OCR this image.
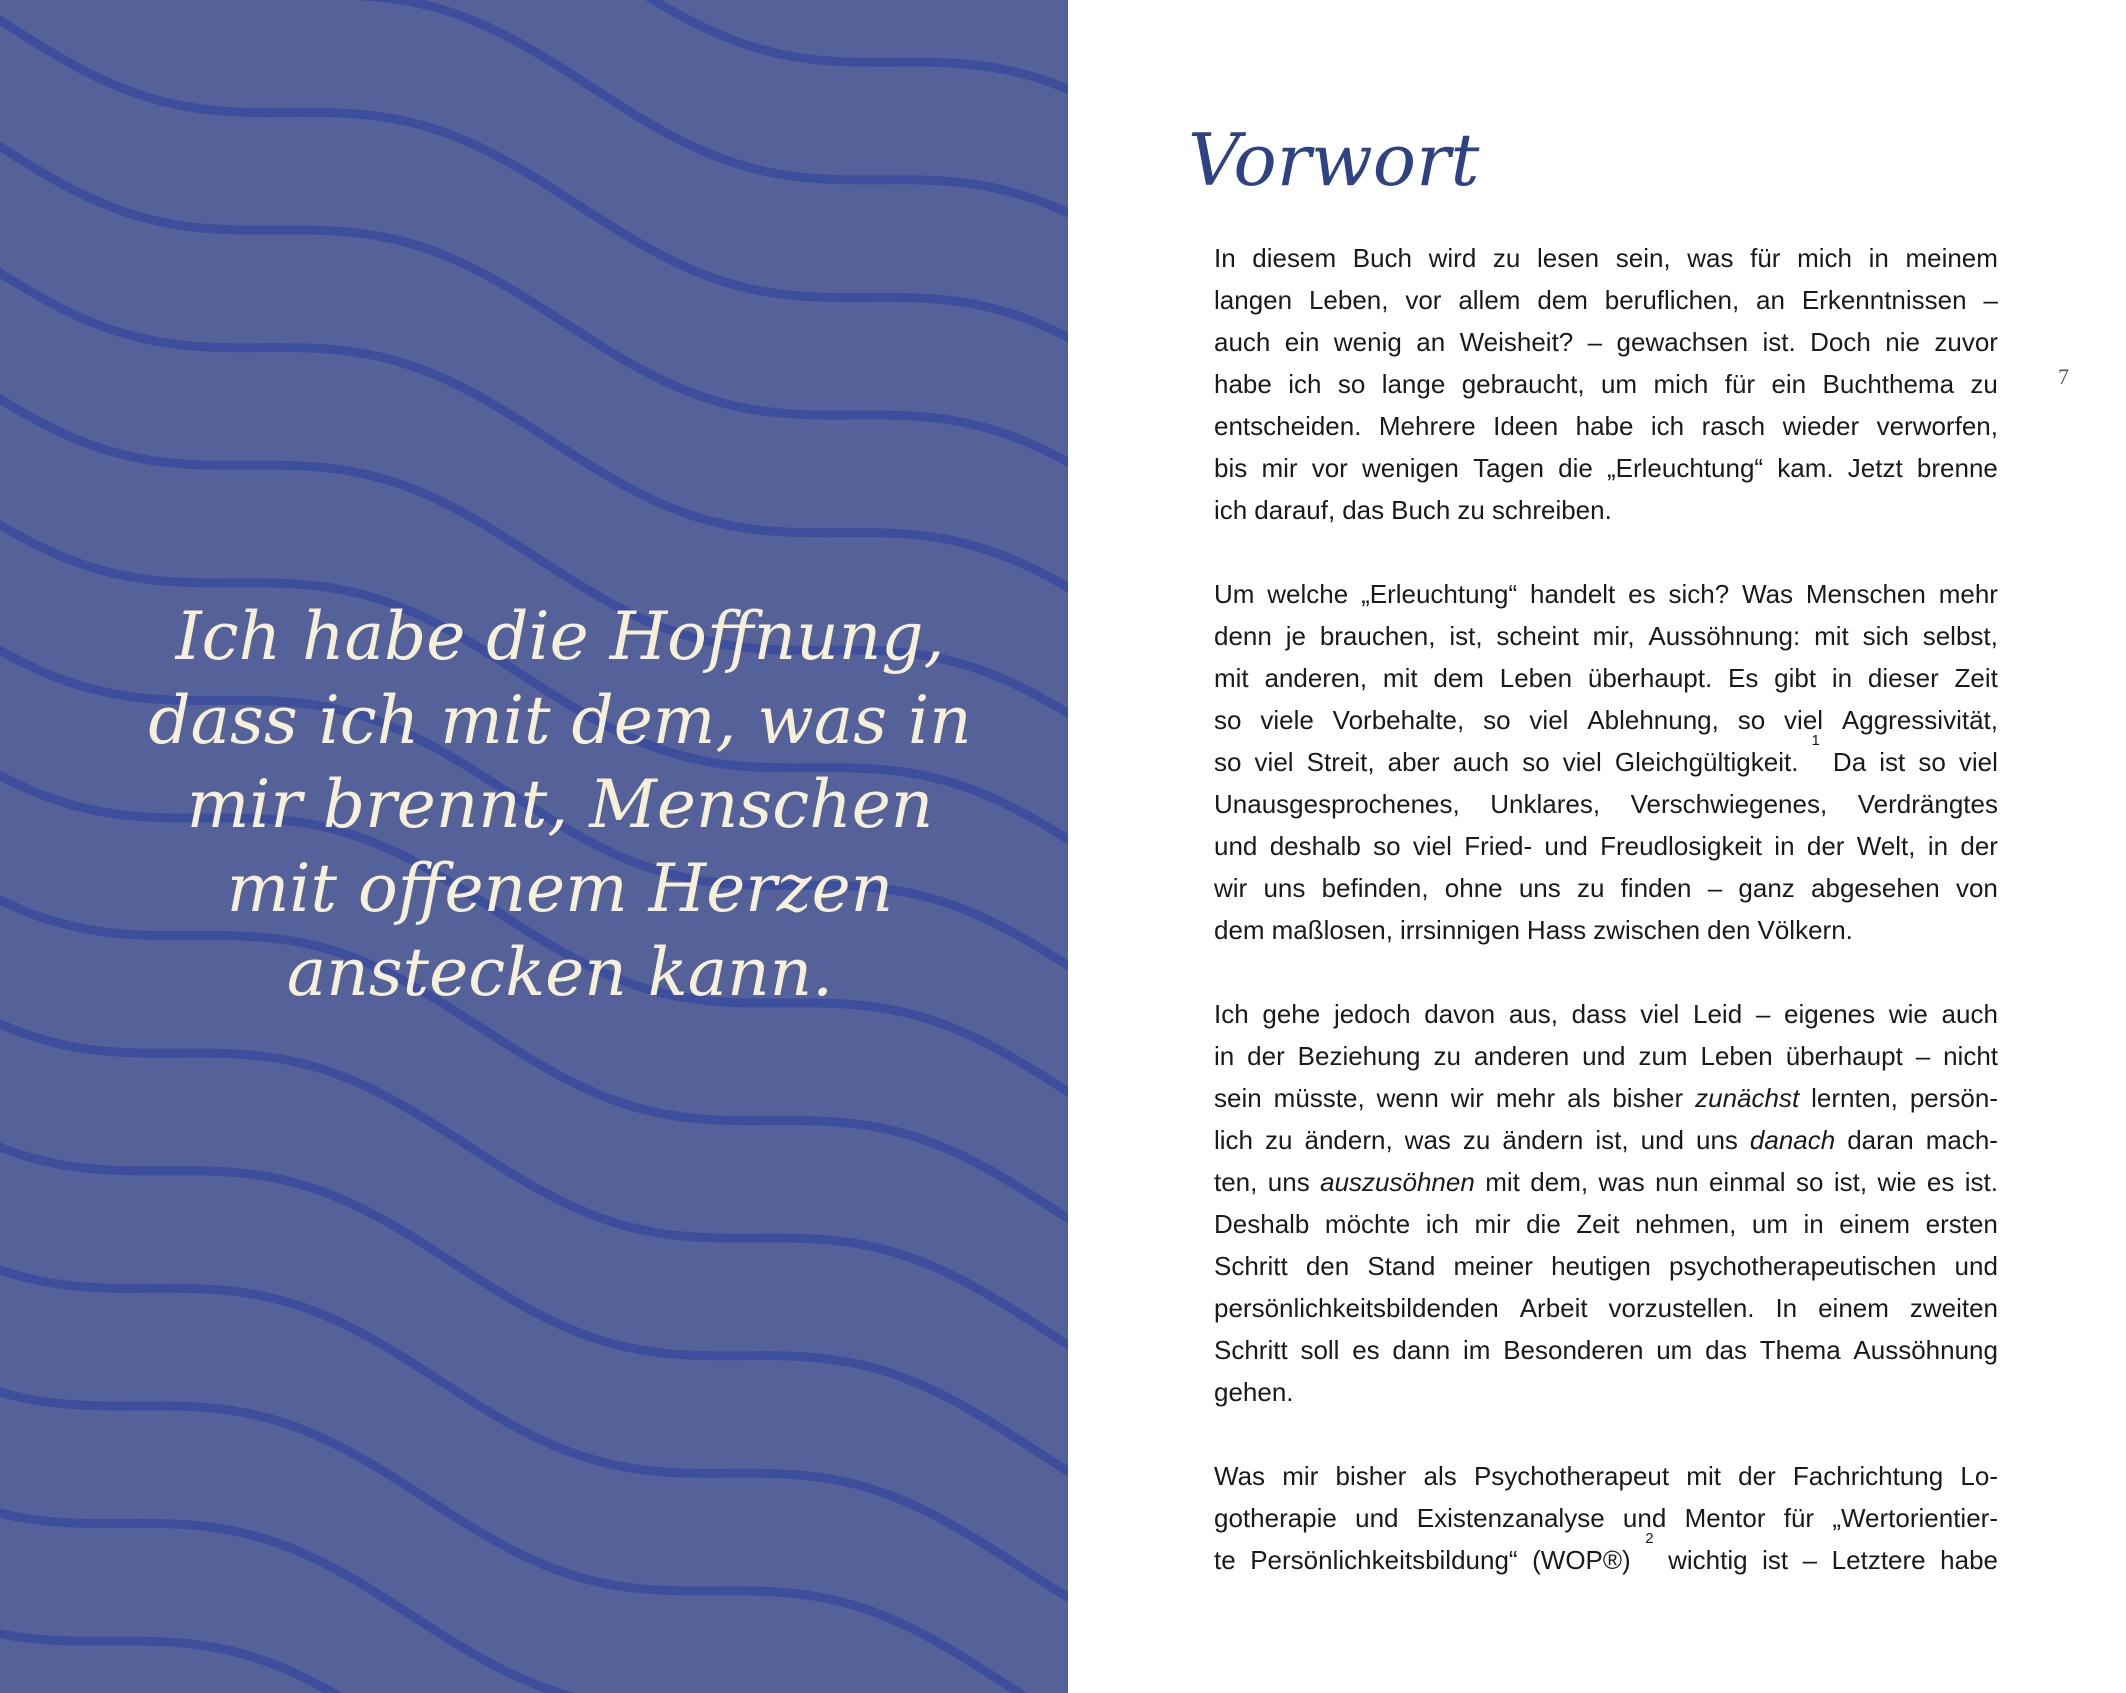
Ich habe die Hoffnung,
dass ich mit dem, was in
mir brennt, Menschen
mit offenem Herzen
anstecken kann.
Vorwort
7
In diesem Buch wird zu lesen sein, was für mich in meinem
langen Leben, vor allem dem beruflichen, an Erkenntnissen –
auch ein wenig an Weisheit? – gewachsen ist. Doch nie zuvor
habe ich so lange gebraucht, um mich für ein Buchthema zu
entscheiden. Mehrere Ideen habe ich rasch wieder verworfen,
bis mir vor wenigen Tagen die „Erleuchtung“ kam. Jetzt brenne
ich darauf, das Buch zu schreiben.
Um welche „Erleuchtung“ handelt es sich? Was Menschen mehr
denn je brauchen, ist, scheint mir, Aussöhnung: mit sich selbst,
mit anderen, mit dem Leben überhaupt. Es gibt in dieser Zeit
so viele Vorbehalte, so viel Ablehnung, so viel Aggressivität,
so viel Streit, aber auch so viel Gleichgültigkeit.
1
Da ist so viel
Unausgesprochenes, Unklares, Verschwiegenes, Verdrängtes
und deshalb so viel Fried- und Freudlosigkeit in der Welt, in der
wir uns befinden, ohne uns zu finden – ganz abgesehen von
dem maßlosen, irrsinnigen Hass zwischen den Völkern.
Ich gehe jedoch davon aus, dass viel Leid – eigenes wie auch
in der Beziehung zu anderen und zum Leben überhaupt – nicht
sein müsste, wenn wir mehr als bisher zunächst lernten, persön-
lich zu ändern, was zu ändern ist, und uns danach daran mach-
ten, uns auszusöhnen mit dem, was nun einmal so ist, wie es ist.
Deshalb möchte ich mir die Zeit nehmen, um in einem ersten
Schritt den Stand meiner heutigen psychotherapeutischen und
persönlichkeitsbildenden Arbeit vorzustellen. In einem zweiten
Schritt soll es dann im Besonderen um das Thema Aussöhnung
gehen.
Was mir bisher als Psychotherapeut mit der Fachrichtung Lo-
gotherapie und Existenzanalyse und Mentor für „Wertorientier-
te Persönlichkeitsbildung“ (WOP®)
2
wichtig ist – Letztere habe
